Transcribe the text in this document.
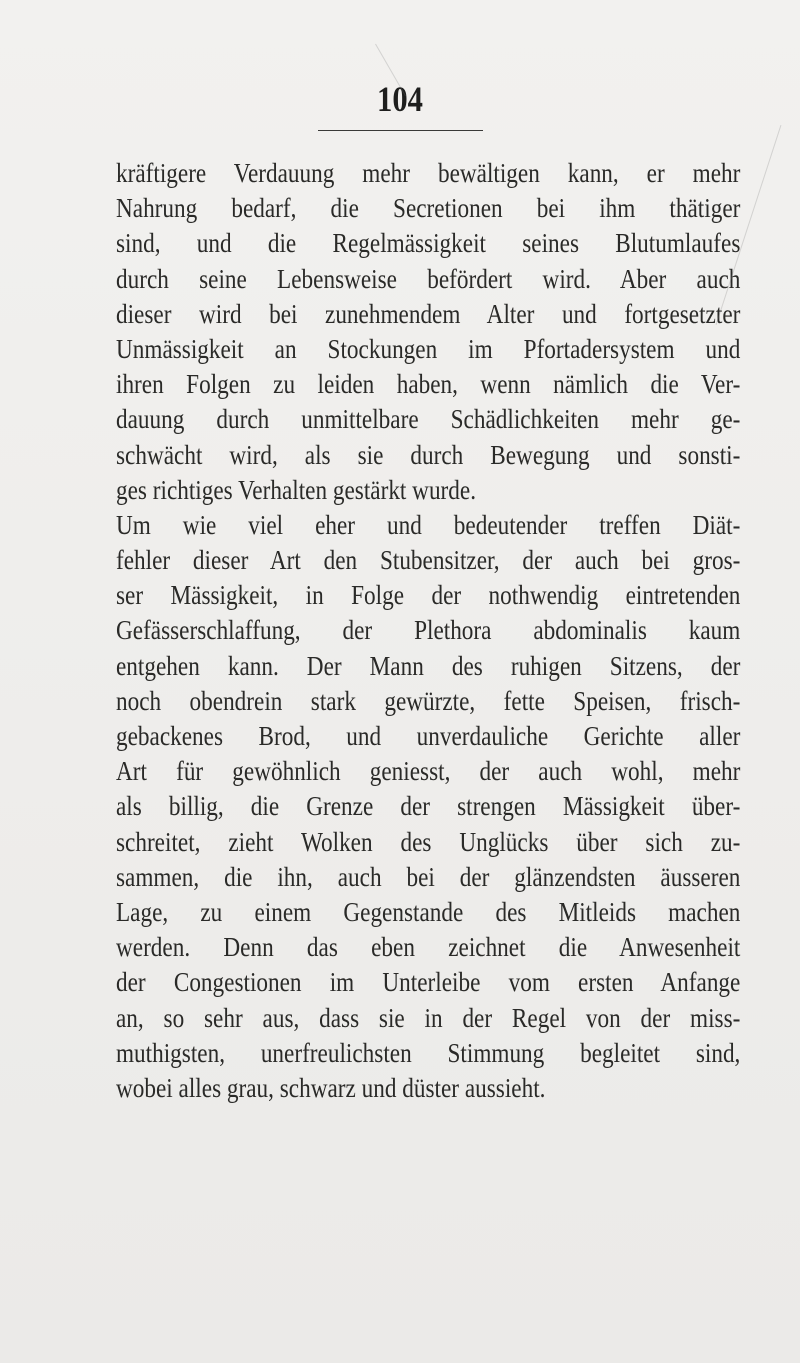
104
kräftigere Verdauung mehr bewältigen kann, er mehr
Nahrung bedarf, die Secretionen bei ihm thätiger
sind, und die Regelmässigkeit seines Blutumlaufes
durch seine Lebensweise befördert wird. Aber auch
dieser wird bei zunehmendem Alter und fortgesetzter
Unmässigkeit an Stockungen im Pfortadersystem und
ihren Folgen zu leiden haben, wenn nämlich die Ver-
dauung durch unmittelbare Schädlichkeiten mehr ge-
schwächt wird, als sie durch Bewegung und sonsti-
ges richtiges Verhalten gestärkt wurde.
Um wie viel eher und bedeutender treffen Diät-
fehler dieser Art den Stubensitzer, der auch bei gros-
ser Mässigkeit, in Folge der nothwendig eintretenden
Gefässerschlaffung, der Plethora abdominalis kaum
entgehen kann. Der Mann des ruhigen Sitzens, der
noch obendrein stark gewürzte, fette Speisen, frisch-
gebackenes Brod, und unverdauliche Gerichte aller
Art für gewöhnlich geniesst, der auch wohl, mehr
als billig, die Grenze der strengen Mässigkeit über-
schreitet, zieht Wolken des Unglücks über sich zu-
sammen, die ihn, auch bei der glänzendsten äusseren
Lage, zu einem Gegenstande des Mitleids machen
werden. Denn das eben zeichnet die Anwesenheit
der Congestionen im Unterleibe vom ersten Anfange
an, so sehr aus, dass sie in der Regel von der miss-
muthigsten, unerfreulichsten Stimmung begleitet sind,
wobei alles grau, schwarz und düster aussieht.
